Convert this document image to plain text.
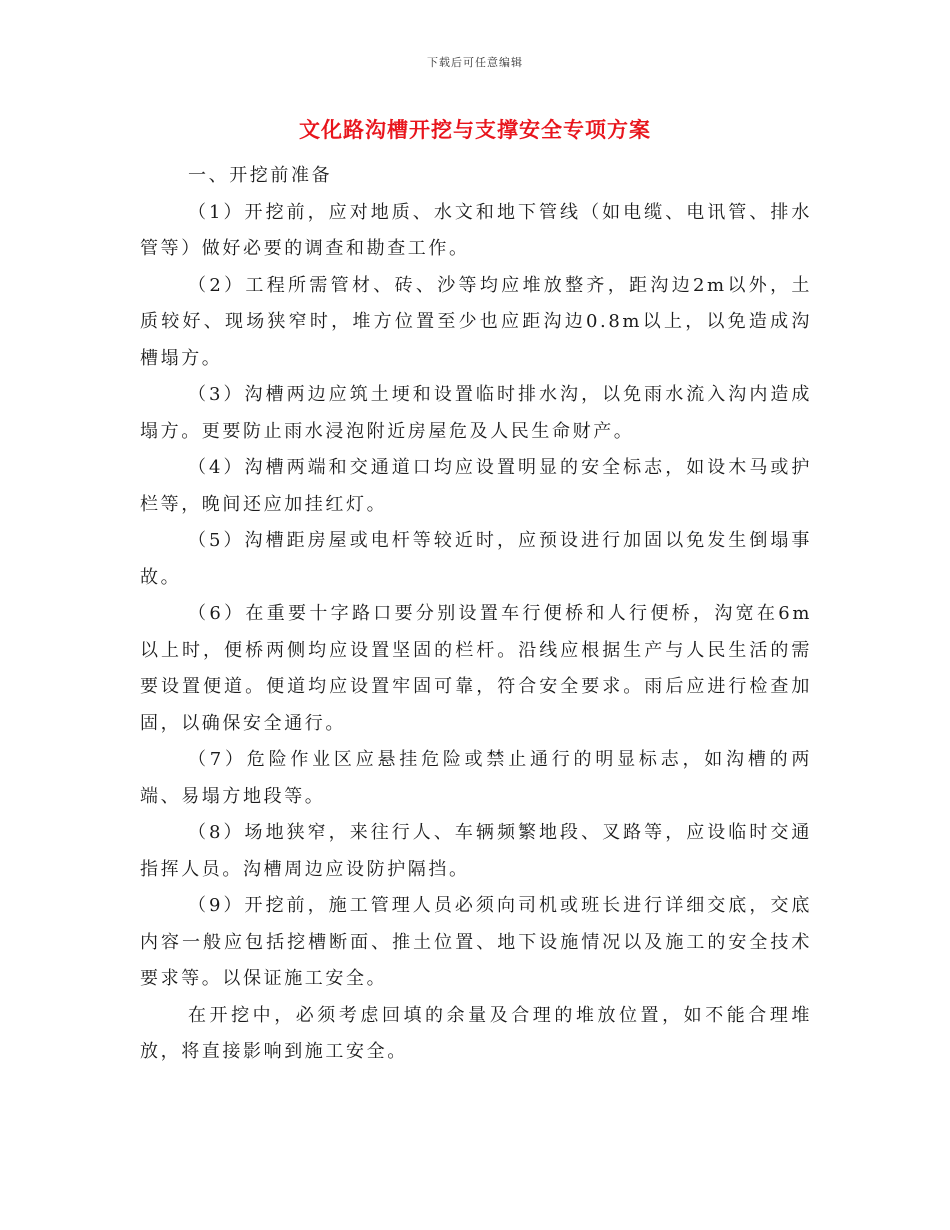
下载后可任意编辑
文化路沟槽开挖与支撑安全专项方案

一、开挖前准备

（1）开挖前，应对地质、水文和地下管线（如电缆、电讯管、排水管等）做好必要的调查和勘查工作。

（2）工程所需管材、砖、沙等均应堆放整齐，距沟边2m以外，土质较好、现场狭窄时，堆方位置至少也应距沟边0.8m以上，以免造成沟槽塌方。

（3）沟槽两边应筑土埂和设置临时排水沟，以免雨水流入沟内造成塌方。更要防止雨水浸泡附近房屋危及人民生命财产。

（4）沟槽两端和交通道口均应设置明显的安全标志，如设木马或护栏等，晚间还应加挂红灯。

（5）沟槽距房屋或电杆等较近时，应预设进行加固以免发生倒塌事故。

（6）在重要十字路口要分别设置车行便桥和人行便桥，沟宽在6m以上时，便桥两侧均应设置坚固的栏杆。沿线应根据生产与人民生活的需要设置便道。便道均应设置牢固可靠，符合安全要求。雨后应进行检查加固，以确保安全通行。

（7）危险作业区应悬挂危险或禁止通行的明显标志，如沟槽的两端、易塌方地段等。

（8）场地狭窄，来往行人、车辆频繁地段、叉路等，应设临时交通指挥人员。沟槽周边应设防护隔挡。

（9）开挖前，施工管理人员必须向司机或班长进行详细交底，交底内容一般应包括挖槽断面、推土位置、地下设施情况以及施工的安全技术要求等。以保证施工安全。

在开挖中，必须考虑回填的余量及合理的堆放位置，如不能合理堆放，将直接影响到施工安全。
